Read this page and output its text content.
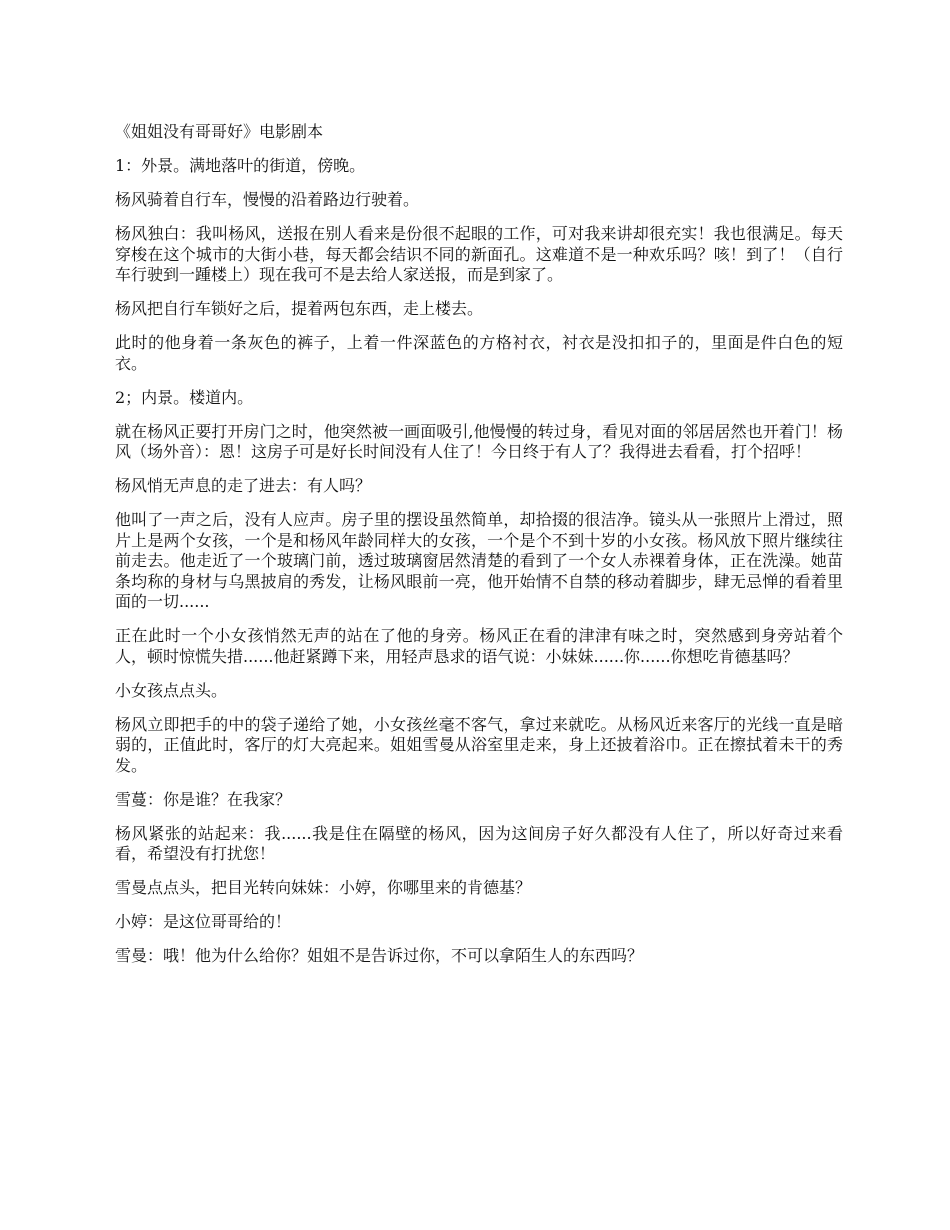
《姐姐没有哥哥好》电影剧本

1：外景。满地落叶的街道，傍晚。

杨风骑着自行车，慢慢的沿着路边行驶着。

杨风独白：我叫杨风，送报在别人看来是份很不起眼的工作，可对我来讲却很充实！我也很满足。每天穿梭在这个城市的大街小巷，每天都会结识不同的新面孔。这难道不是一种欢乐吗？咳！到了！（自行车行驶到一踵楼上）现在我可不是去给人家送报，而是到家了。

杨风把自行车锁好之后，提着两包东西，走上楼去。

此时的他身着一条灰色的裤子，上着一件深蓝色的方格衬衣，衬衣是没扣扣子的，里面是件白色的短衣。

2；内景。楼道内。

就在杨风正要打开房门之时，他突然被一画面吸引,他慢慢的转过身，看见对面的邻居居然也开着门！杨风（场外音）：恩！这房子可是好长时间没有人住了！今日终于有人了？我得进去看看，打个招呼！

杨风悄无声息的走了进去：有人吗？

他叫了一声之后，没有人应声。房子里的摆设虽然简单，却拾掇的很洁净。镜头从一张照片上滑过，照片上是两个女孩，一个是和杨风年龄同样大的女孩，一个是个不到十岁的小女孩。杨风放下照片继续往前走去。他走近了一个玻璃门前，透过玻璃窗居然清楚的看到了一个女人赤裸着身体，正在洗澡。她苗条均称的身材与乌黑披肩的秀发，让杨风眼前一亮，他开始情不自禁的移动着脚步，肆无忌惮的看着里面的一切......

正在此时一个小女孩悄然无声的站在了他的身旁。杨风正在看的津津有味之时，突然感到身旁站着个人，顿时惊慌失措......他赶紧蹲下来，用轻声恳求的语气说：小妹妹......你......你想吃肯德基吗？

小女孩点点头。

杨风立即把手的中的袋子递给了她，小女孩丝毫不客气，拿过来就吃。从杨风近来客厅的光线一直是暗弱的，正值此时，客厅的灯大亮起来。姐姐雪曼从浴室里走来，身上还披着浴巾。正在擦拭着未干的秀发。

雪蔓：你是谁？在我家？

杨风紧张的站起来：我......我是住在隔壁的杨风，因为这间房子好久都没有人住了，所以好奇过来看看，希望没有打扰您！

雪曼点点头，把目光转向妹妹：小婷，你哪里来的肯德基？

小婷：是这位哥哥给的！

雪曼：哦！他为什么给你？姐姐不是告诉过你，不可以拿陌生人的东西吗？
